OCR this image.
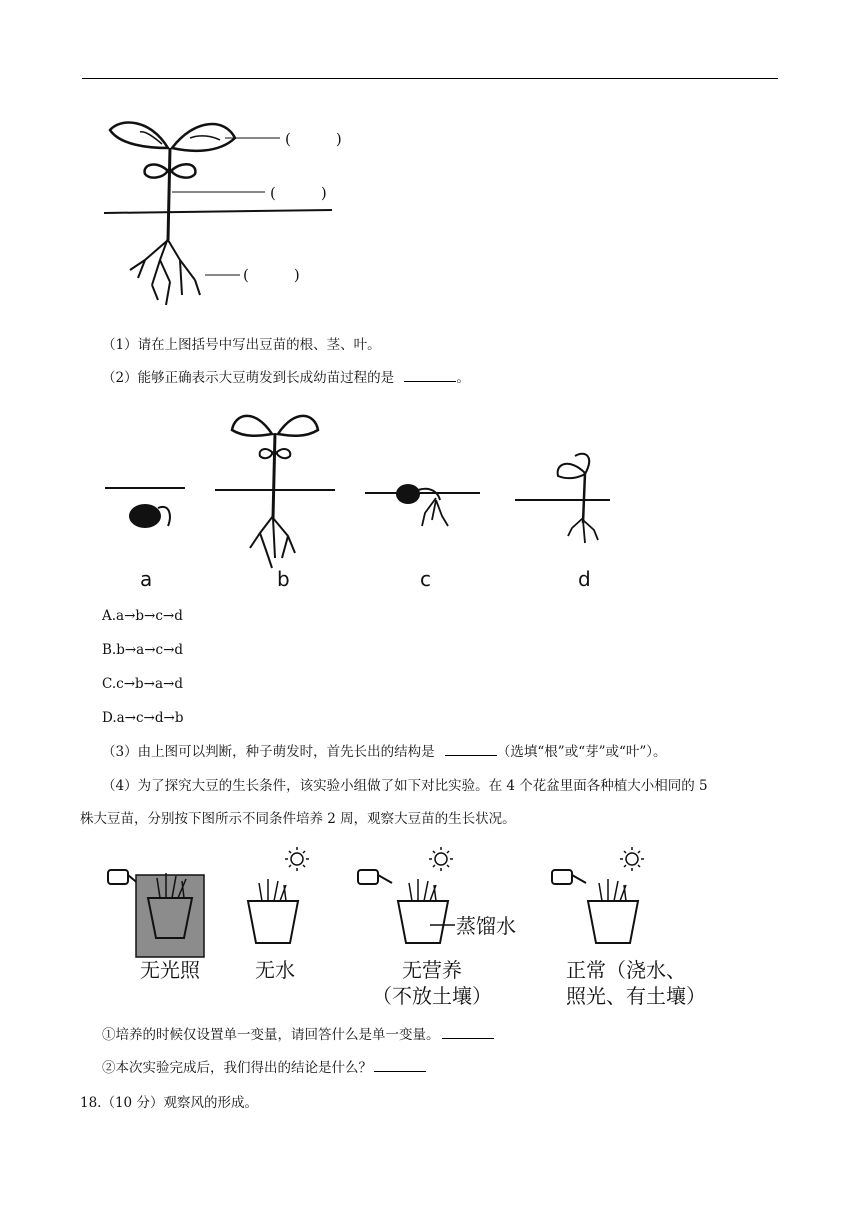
(　　　)
(　　　)
(　　　)
（1）请在上图括号中写出豆苗的根、茎、叶。
（2）能够正确表示大豆萌发到长成幼苗过程的是	。
a	b	c	d
A.a→b→c→d
B.b→a→c→d
C.c→b→a→d
D.a→c→d→b
（3）由上图可以判断，种子萌发时，首先长出的结构是	（选填“根”或“芽”或“叶”）。
（4）为了探究大豆的生长条件，该实验小组做了如下对比实验。在 4 个花盆里面各种植大小相同的 5
株大豆苗，分别按下图所示不同条件培养 2 周，观察大豆苗的生长状况。
蒸馏水
无光照	无水	无营养
（不放土壤）
正常（浇水、
照光、有土壤）
①培养的时候仅设置单一变量，请回答什么是单一变量。
②本次实验完成后，我们得出的结论是什么？
18.（10 分）观察风的形成。
